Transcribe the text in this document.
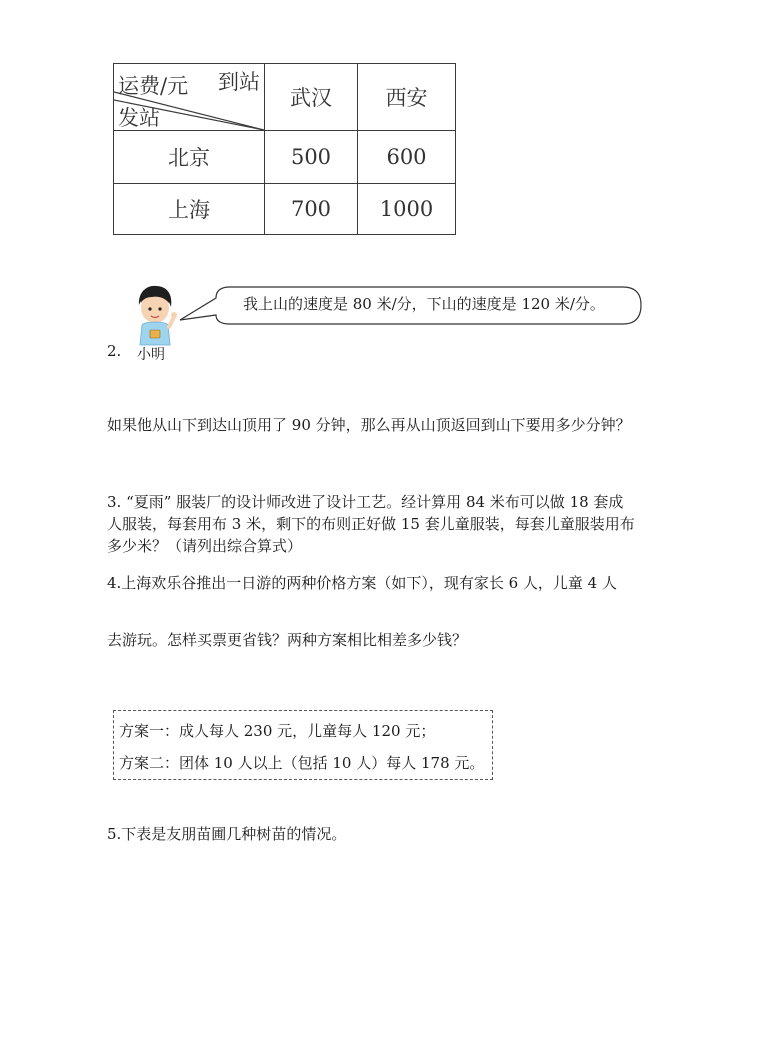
运费/元 到站
发站	武汉	西安
北京	500	600
上海	700	1000
2. 小明
我上山的速度是 80 米/分，下山的速度是 120 米/分。
如果他从山下到达山顶用了 90 分钟，那么再从山顶返回到山下要用多少分钟？
3. “夏雨” 服装厂的设计师改进了设计工艺。经计算用 84 米布可以做 18 套成
人服装，每套用布 3 米，剩下的布则正好做 15 套儿童服装，每套儿童服装用布
多少米？（请列出综合算式）
4.上海欢乐谷推出一日游的两种价格方案（如下），现有家长 6 人，儿童 4 人
去游玩。怎样买票更省钱？两种方案相比相差多少钱？
方案一：成人每人 230 元，儿童每人 120 元；
方案二：团体 10 人以上（包括 10 人）每人 178 元。
5.下表是友朋苗圃几种树苗的情况。
